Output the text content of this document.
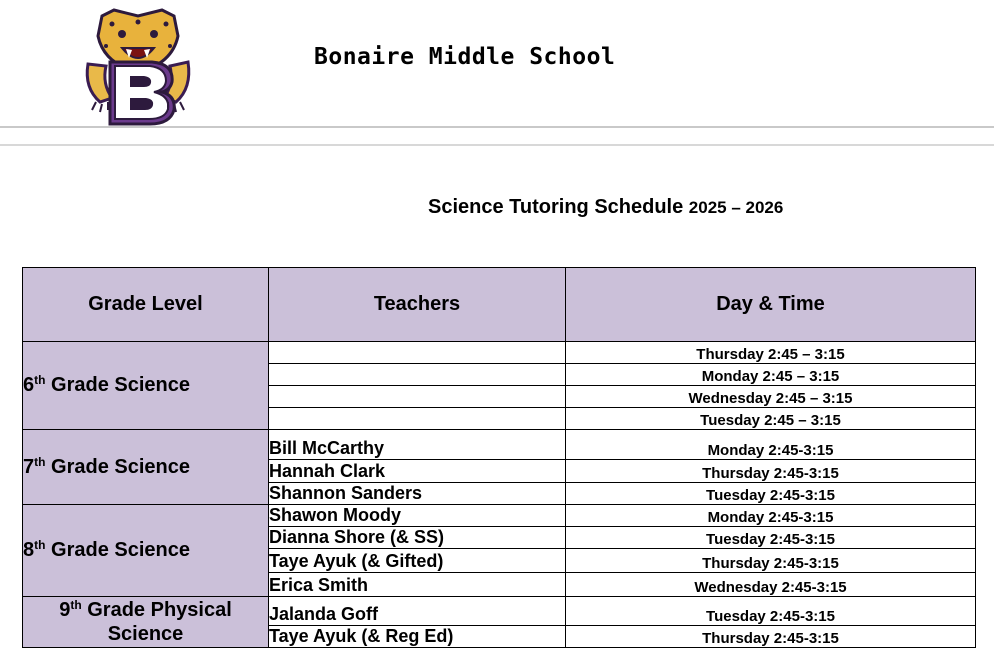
Bonaire Middle School
Science Tutoring Schedule 2025 – 2026
Grade Level	Teachers	Day & Time
6th Grade Science		Thursday 2:45 – 3:15
		Monday 2:45 – 3:15
		Wednesday 2:45 – 3:15
		Tuesday 2:45 – 3:15
7th Grade Science	Bill McCarthy	Monday 2:45-3:15
	Hannah Clark	Thursday 2:45-3:15
	Shannon Sanders	Tuesday 2:45-3:15
8th Grade Science	Shawon Moody	Monday 2:45-3:15
	Dianna Shore (& SS)	Tuesday 2:45-3:15
	Taye Ayuk (& Gifted)	Thursday 2:45-3:15
	Erica Smith	Wednesday 2:45-3:15
9th Grade Physical Science	Jalanda Goff	Tuesday 2:45-3:15
	Taye Ayuk (& Reg Ed)	Thursday 2:45-3:15
